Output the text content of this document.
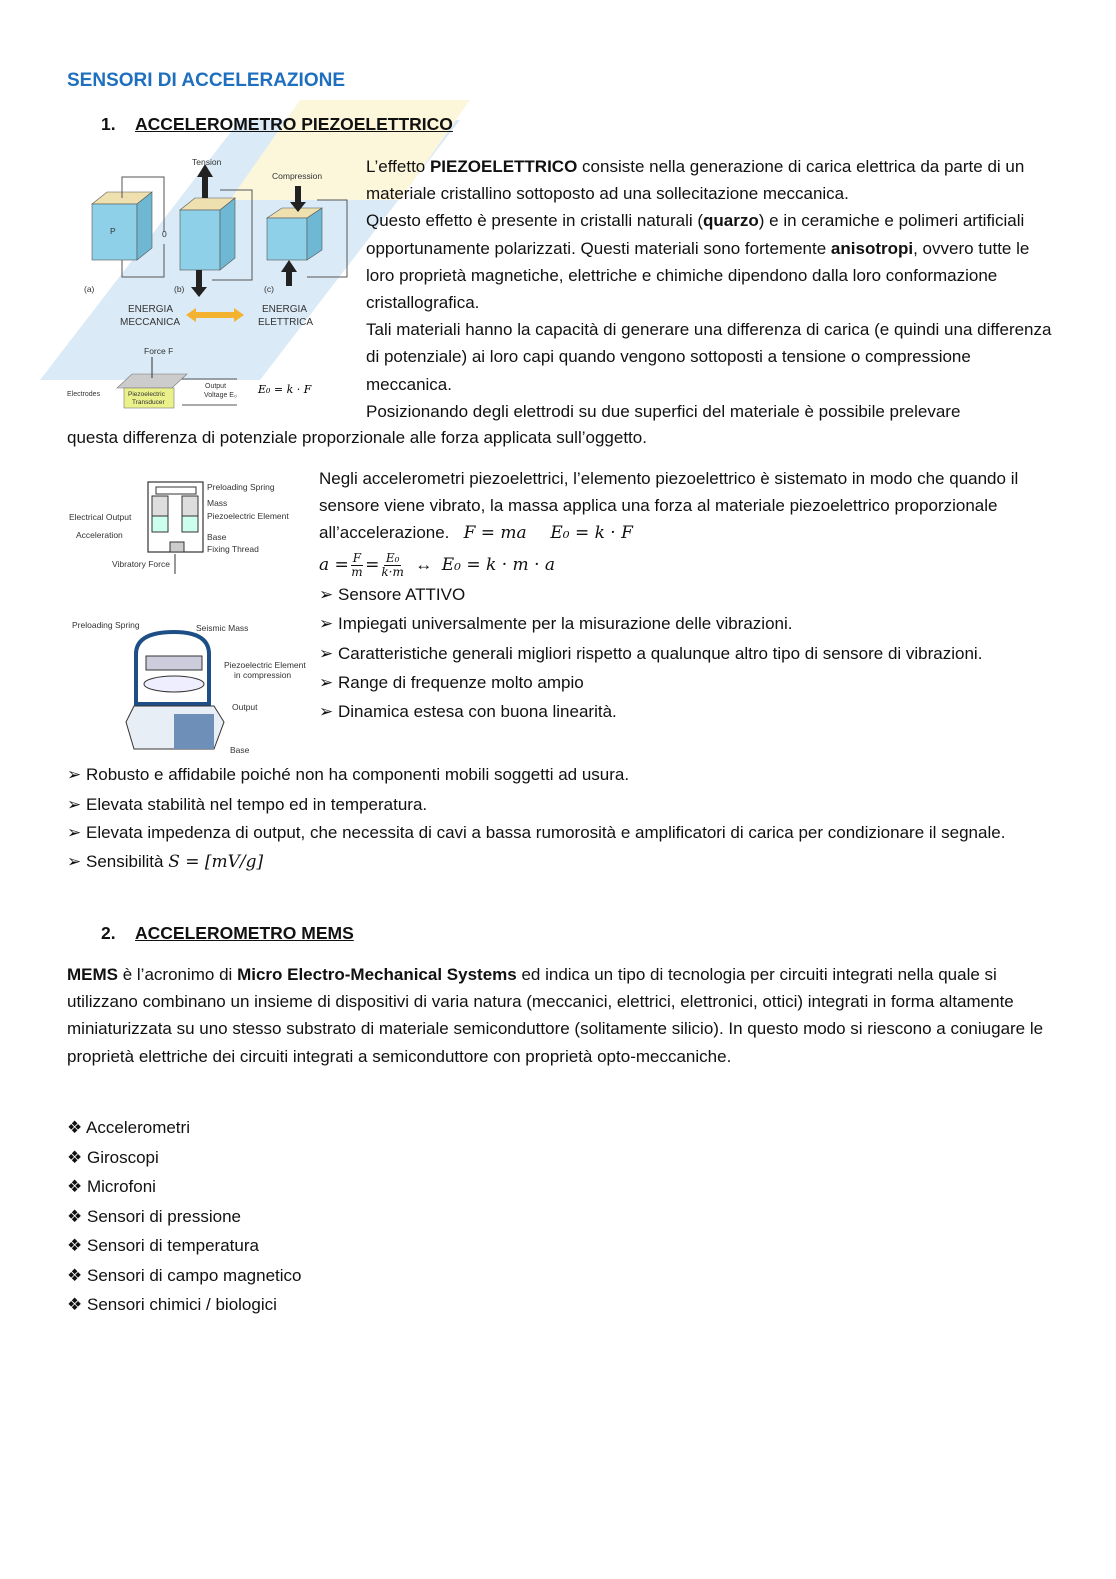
SENSORI DI ACCELERAZIONE
1. ACCELEROMETRO PIEZOELETTRICO
Tension
Compression
0
P
(a)	(b)	(c)
ENERGIA
MECCANICA
ENERGIA
ELETTRICA
Force F
Piezoelectric
Transducer
Electrodes
Output
Voltage E₀ E₀ = k · F

L’effetto PIEZOELETTRICO consiste nella generazione di carica elettrica da parte di un materiale cristallino sottoposto ad una sollecitazione meccanica.

Questo effetto è presente in cristalli naturali (quarzo) e in ceramiche e polimeri artificiali opportunamente polarizzati. Questi materiali sono fortemente anisotropi, ovvero tutte le loro proprietà magnetiche, elettriche e chimiche dipendono dalla loro conformazione cristallografica.

Tali materiali hanno la capacità di generare una differenza di carica (e quindi una differenza di potenziale) ai loro capi quando vengono sottoposti a tensione o compressione meccanica.

Posizionando degli elettrodi su due superfici del materiale è possibile prelevare

questa differenza di potenziale proporzionale alle forza applicata sull’oggetto.

Preloading Spring
Mass
Piezoelectric Element
Base
Fixing Thread
Electrical Output
Acceleration
Vibratory Force
Preloading Spring	Seismic Mass
Piezoelectric Element
in compression
Output
Base

Negli accelerometri piezoelettrici, l’elemento piezoelettrico è sistemato in modo che quando il sensore viene vibrato, la massa applica una forza al materiale piezoelettrico proporzionale all’accelerazione. F = ma E₀ = k · F

$a = \frac{F}{m} = \frac{\text{E₀}}{k\cdot m}$ ↔ E₀ = k · m · a

➢ Sensore ATTIVO

➢ Impiegati universalmente per la misurazione delle vibrazioni.

➢ Caratteristiche generali migliori rispetto a qualunque altro tipo di sensore di vibrazioni.

➢ Range di frequenze molto ampio

➢ Dinamica estesa con buona linearità.

➢ Robusto e affidabile poiché non ha componenti mobili soggetti ad usura.

➢ Elevata stabilità nel tempo ed in temperatura.

➢ Elevata impedenza di output, che necessita di cavi a bassa rumorosità e amplificatori di carica per condizionare il segnale.

➢ Sensibilità S = [mV/g]

2. ACCELEROMETRO MEMS

MEMS è l’acronimo di Micro Electro-Mechanical Systems ed indica un tipo di tecnologia per circuiti integrati nella quale si utilizzano combinano un insieme di dispositivi di varia natura (meccanici, elettrici, elettronici, ottici) integrati in forma altamente miniaturizzata su uno stesso substrato di materiale semiconduttore (solitamente silicio). In questo modo si riescono a coniugare le proprietà elettriche dei circuiti integrati a semiconduttore con proprietà opto-meccaniche.

❖ Accelerometri

❖ Giroscopi

❖ Microfoni

❖ Sensori di pressione

❖ Sensori di temperatura

❖ Sensori di campo magnetico

❖ Sensori chimici / biologici
